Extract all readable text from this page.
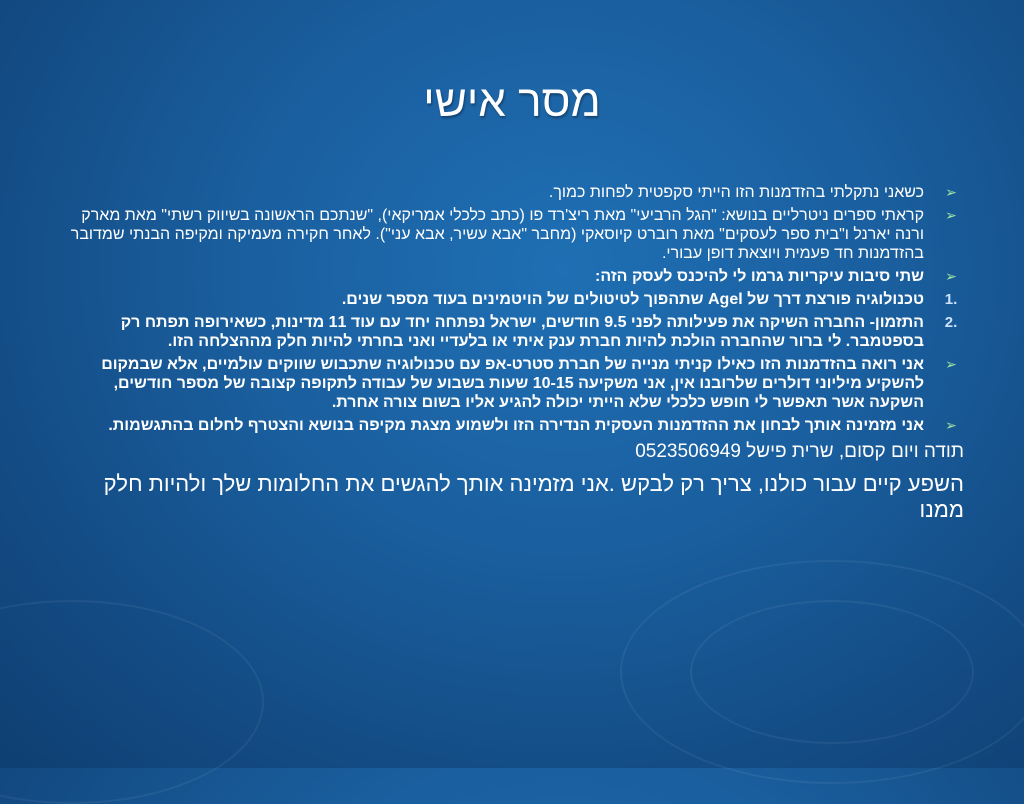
מסר אישי
➢
כשאני נתקלתי בהזדמנות הזו הייתי סקפטית לפחות כמוך.
➢
קראתי ספרים ניטרליים בנושא: "הגל הרביעי" מאת ריצ'רד פו (כתב כלכלי אמריקאי), "שנתכם הראשונה בשיווק רשתי" מאת מארק ורנה יארנל ו"בית ספר לעסקים" מאת רוברט קיוסאקי (מחבר "אבא עשיר, אבא עני"). לאחר חקירה מעמיקה ומקיפה הבנתי שמדובר בהזדמנות חד פעמית ויוצאת דופן עבורי.
➢
שתי סיבות עיקריות גרמו לי להיכנס לעסק הזה:
1.
טכנולוגיה פורצת דרך של Agel שתהפוך לטיטולים של הויטמינים בעוד מספר שנים.
2.
התזמון- החברה השיקה את פעילותה לפני 9.5 חודשים, ישראל נפתחה יחד עם עוד 11 מדינות, כשאירופה תפתח רק בספטמבר. לי ברור שהחברה הולכת להיות חברת ענק איתי או בלעדיי ואני בחרתי להיות חלק מההצלחה הזו.
➢
אני רואה בהזדמנות הזו כאילו קניתי מנייה של חברת סטרט-אפ עם טכנולוגיה שתכבוש שווקים עולמיים, אלא שבמקום להשקיע מיליוני דולרים שלרובנו אין, אני משקיעה 10-15 שעות בשבוע של עבודה לתקופה קצובה של מספר חודשים, השקעה אשר תאפשר לי חופש כלכלי שלא הייתי יכולה להגיע אליו בשום צורה אחרת.
➢
אני מזמינה אותך לבחון את ההזדמנות העסקית הנדירה הזו ולשמוע מצגת מקיפה בנושא והצטרף לחלום בהתגשמות.
תודה ויום קסום, שרית פישל 0523506949
השפע קיים עבור כולנו, צריך רק לבקש .אני מזמינה אותך להגשים את החלומות שלך ולהיות חלק ממנו
